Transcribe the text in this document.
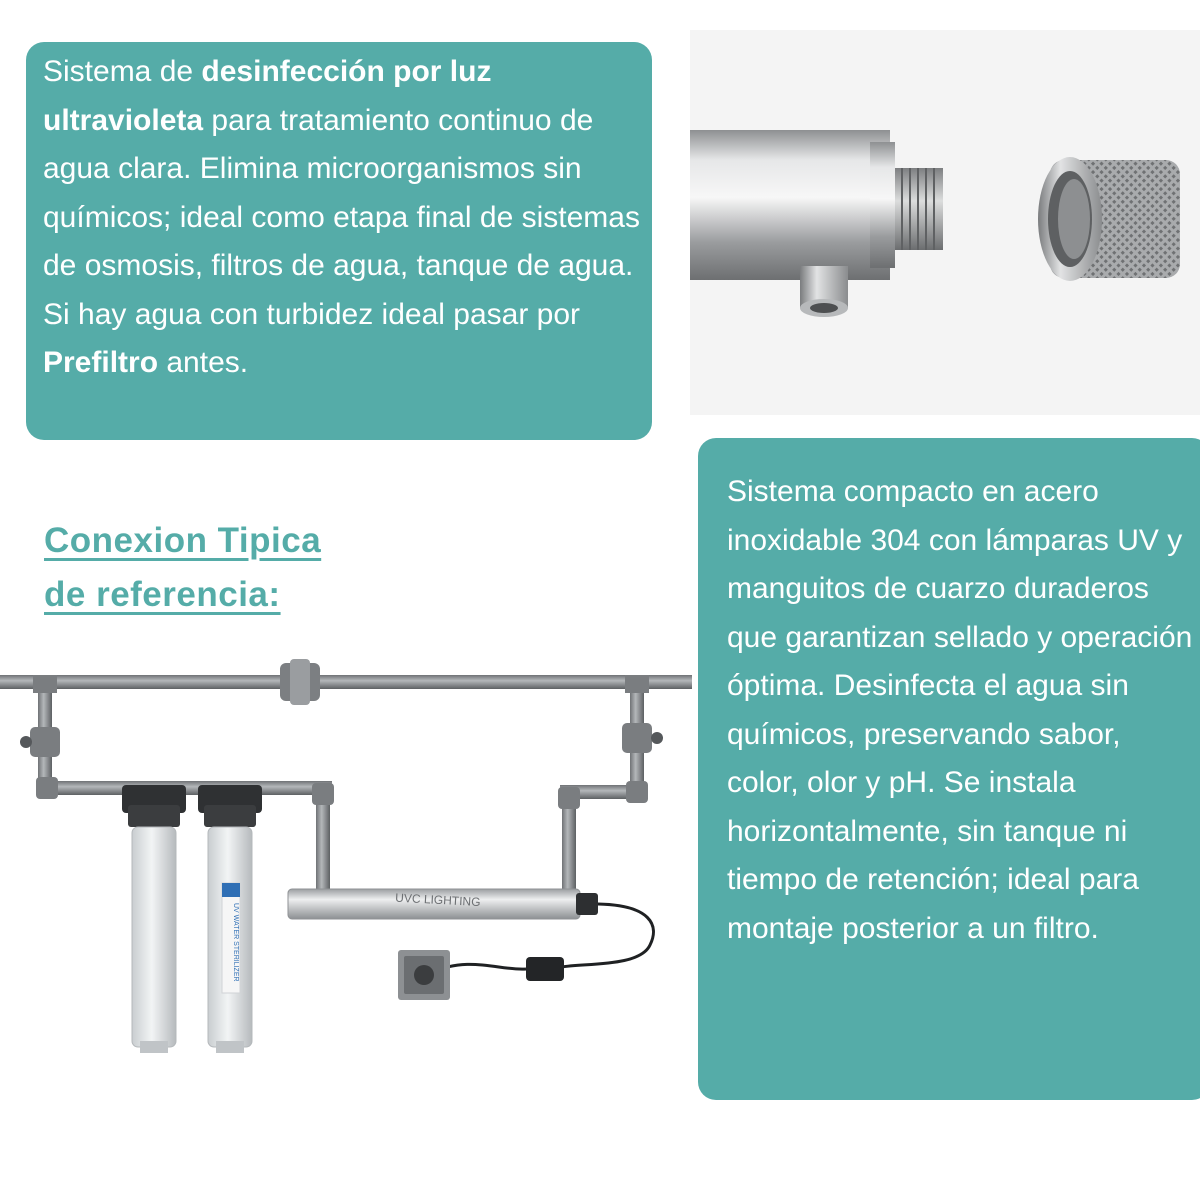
Sistema de desinfección por luz ultravioleta para tratamiento continuo de agua clara. Elimina microorganismos sin químicos; ideal como etapa final de sistemas de osmosis, filtros de agua, tanque de agua. Si hay agua con turbidez ideal pasar por Prefiltro antes.
Conexion Tipica
de referencia:
UV WATER STERILIZER
UVC LIGHTING

Sistema compacto en acero inoxidable 304 con lámparas UV y manguitos de cuarzo duraderos que garantizan sellado y operación óptima. Desinfecta el agua sin químicos, preservando sabor, color, olor y pH. Se instala horizontalmente, sin tanque ni tiempo de retención; ideal para montaje posterior a un filtro.
